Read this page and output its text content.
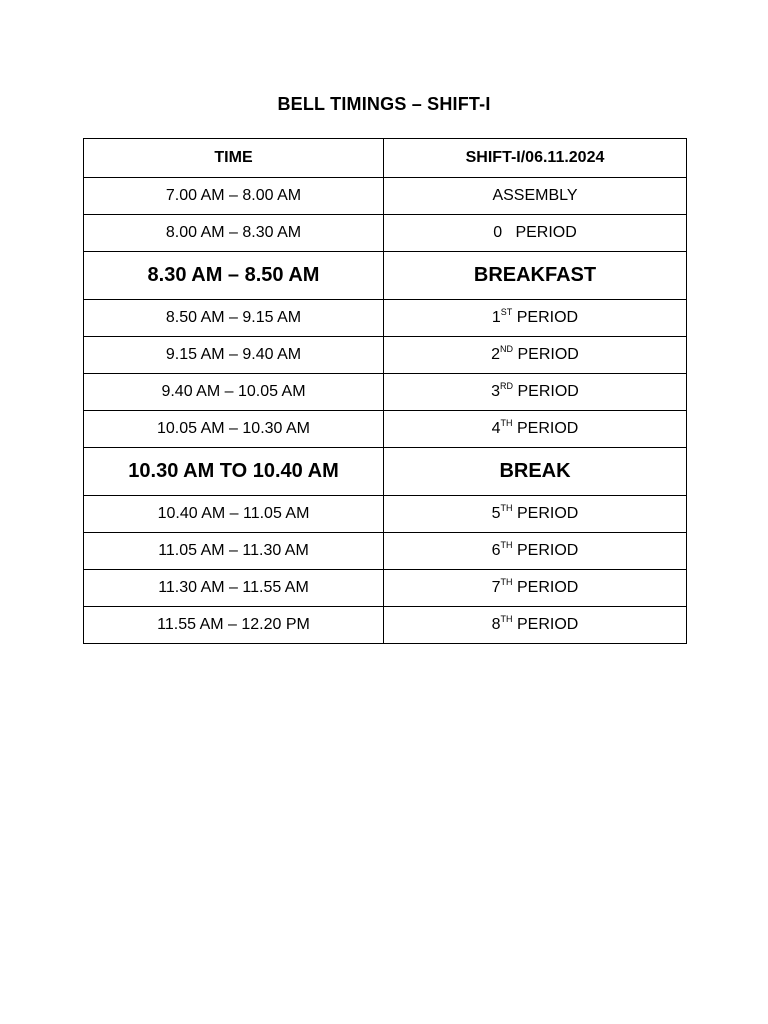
BELL TIMINGS – SHIFT-I
TIME	SHIFT-I/06.11.2024
7.00 AM – 8.00 AM	ASSEMBLY
8.00 AM – 8.30 AM	0   PERIOD
8.30 AM – 8.50 AM	BREAKFAST
8.50 AM – 9.15 AM	1ST PERIOD
9.15 AM – 9.40 AM	2ND PERIOD
9.40 AM – 10.05 AM	3RD PERIOD
10.05 AM – 10.30 AM	4TH PERIOD
10.30 AM TO 10.40 AM	BREAK
10.40 AM – 11.05 AM	5TH PERIOD
11.05 AM – 11.30 AM	6TH PERIOD
11.30 AM – 11.55 AM	7TH PERIOD
11.55 AM – 12.20 PM	8TH PERIOD
